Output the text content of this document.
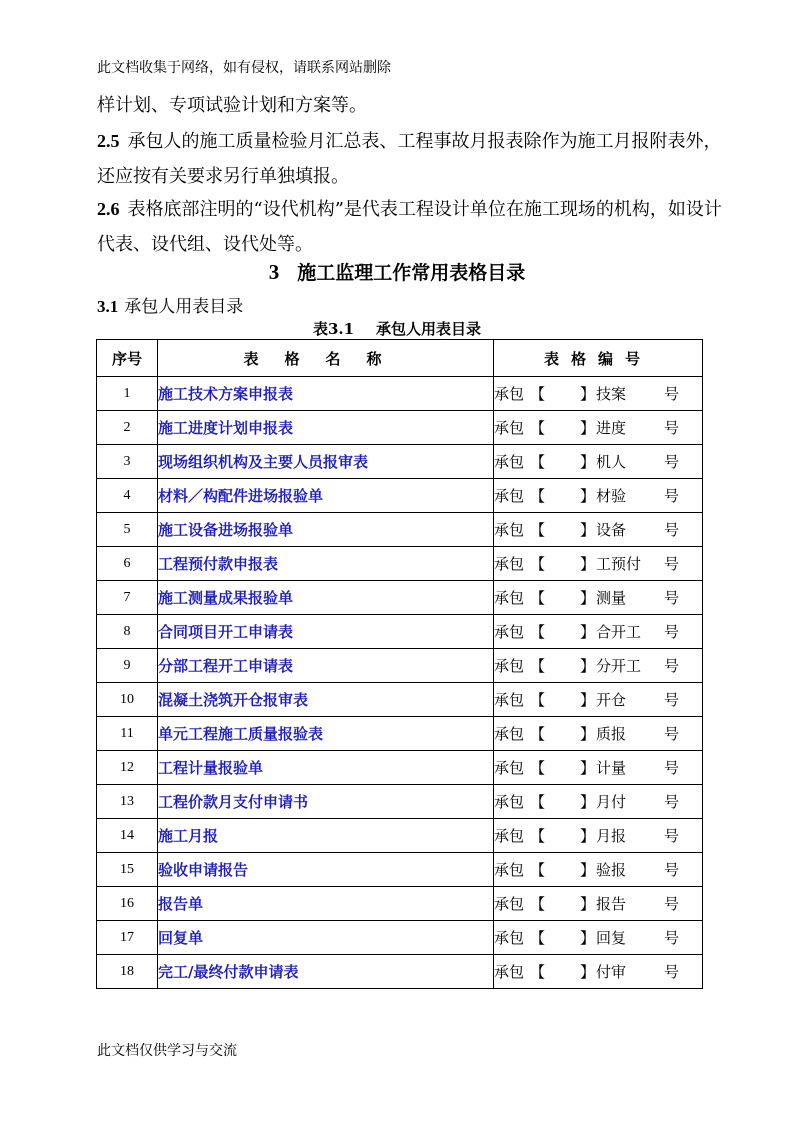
此文档收集于网络，如有侵权，请联系网站删除
样计划、专项试验计划和方案等。
2.5 承包人的施工质量检验月汇总表、工程事故月报表除作为施工月报附表外，还应按有关要求另行单独填报。
2.6 表格底部注明的“设代机构”是代表工程设计单位在施工现场的机构，如设计代表、设代组、设代处等。
3 施工监理工作常用表格目录
3.1 承包人用表目录
表3.1 承包人用表目录
序号	表格名称	表格编号
1	施工技术方案申报表	承包 【 】技案 号
2	施工进度计划申报表	承包 【 】进度 号
3	现场组织机构及主要人员报审表	承包 【 】机人 号
4	材料／构配件进场报验单	承包 【 】材验 号
5	施工设备进场报验单	承包 【 】设备 号
6	工程预付款申报表	承包 【 】工预付 号
7	施工测量成果报验单	承包 【 】测量 号
8	合同项目开工申请表	承包 【 】合开工 号
9	分部工程开工申请表	承包 【 】分开工 号
10	混凝土浇筑开仓报审表	承包 【 】开仓 号
11	单元工程施工质量报验表	承包 【 】质报 号
12	工程计量报验单	承包 【 】计量 号
13	工程价款月支付申请书	承包 【 】月付 号
14	施工月报	承包 【 】月报 号
15	验收申请报告	承包 【 】验报 号
16	报告单	承包 【 】报告 号
17	回复单	承包 【 】回复 号
18	完工/最终付款申请表	承包 【 】付审 号
此文档仅供学习与交流
